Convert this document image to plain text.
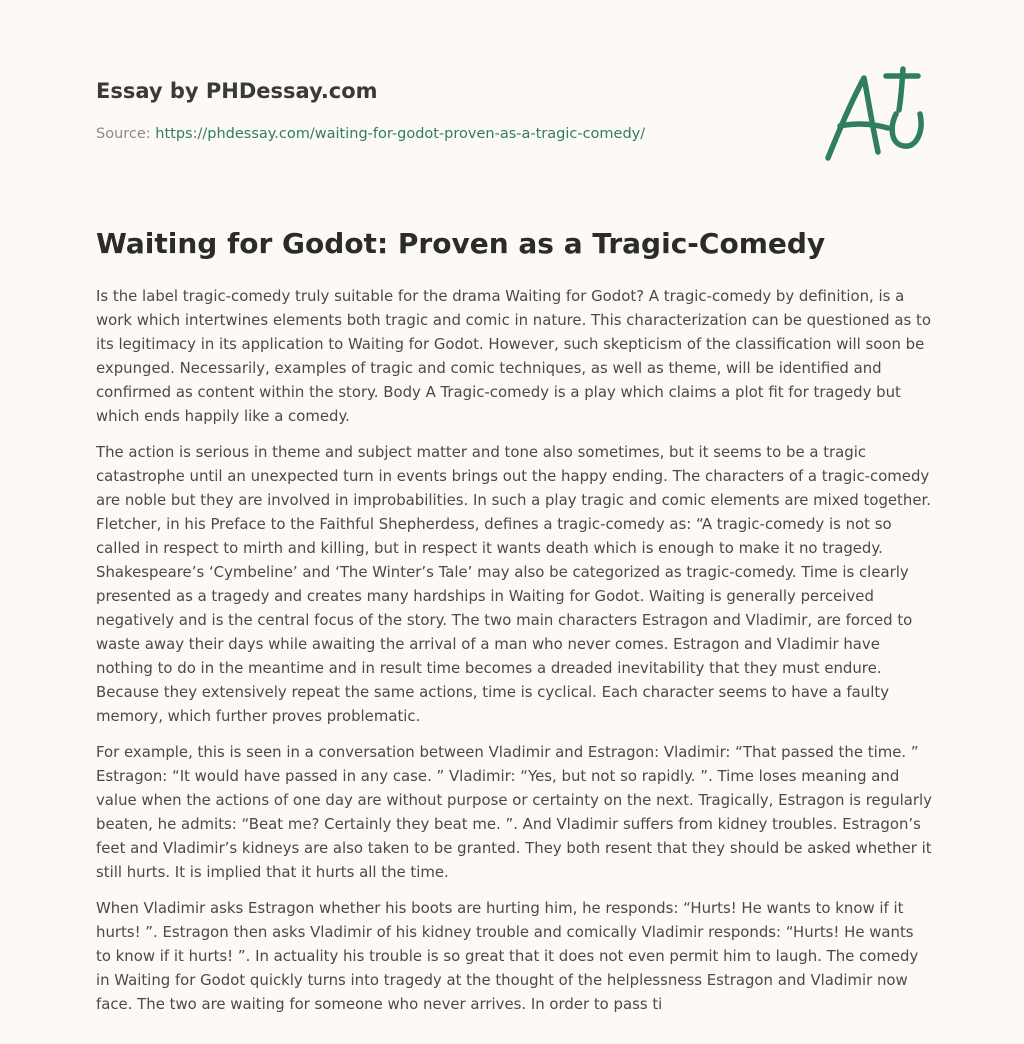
Essay by PHDessay.com
Source: https://phdessay.com/waiting-for-godot-proven-as-a-tragic-comedy/
Waiting for Godot: Proven as a Tragic-Comedy

Is the label tragic-comedy truly suitable for the drama Waiting for Godot? A tragic-comedy by definition, is a work which intertwines elements both tragic and comic in nature. This characterization can be questioned as to its legitimacy in its application to Waiting for Godot. However, such skepticism of the classification will soon be expunged. Necessarily, examples of tragic and comic techniques, as well as theme, will be identified and confirmed as content within the story. Body A Tragic-comedy is a play which claims a plot fit for tragedy but which ends happily like a comedy.

The action is serious in theme and subject matter and tone also sometimes, but it seems to be a tragic catastrophe until an unexpected turn in events brings out the happy ending. The characters of a tragic-comedy are noble but they are involved in improbabilities. In such a play tragic and comic elements are mixed together. Fletcher, in his Preface to the Faithful Shepherdess, defines a tragic-comedy as: “A tragic-comedy is not so called in respect to mirth and killing, but in respect it wants death which is enough to make it no tragedy. Shakespeare’s ‘Cymbeline’ and ‘The Winter’s Tale’ may also be categorized as tragic-comedy. Time is clearly presented as a tragedy and creates many hardships in Waiting for Godot. Waiting is generally perceived negatively and is the central focus of the story. The two main characters Estragon and Vladimir, are forced to waste away their days while awaiting the arrival of a man who never comes. Estragon and Vladimir have nothing to do in the meantime and in result time becomes a dreaded inevitability that they must endure. Because they extensively repeat the same actions, time is cyclical. Each character seems to have a faulty memory, which further proves problematic.

For example, this is seen in a conversation between Vladimir and Estragon: Vladimir: “That passed the time. ” Estragon: “It would have passed in any case. ” Vladimir: “Yes, but not so rapidly. ”. Time loses meaning and value when the actions of one day are without purpose or certainty on the next. Tragically, Estragon is regularly beaten, he admits: “Beat me? Certainly they beat me. ”. And Vladimir suffers from kidney troubles. Estragon’s feet and Vladimir’s kidneys are also taken to be granted. They both resent that they should be asked whether it still hurts. It is implied that it hurts all the time.

When Vladimir asks Estragon whether his boots are hurting him, he responds: “Hurts! He wants to know if it hurts! ”. Estragon then asks Vladimir of his kidney trouble and comically Vladimir responds: “Hurts! He wants to know if it hurts! ”. In actuality his trouble is so great that it does not even permit him to laugh. The comedy in Waiting for Godot quickly turns into tragedy at the thought of the helplessness Estragon and Vladimir now face. The two are waiting for someone who never arrives. In order to pass ti
